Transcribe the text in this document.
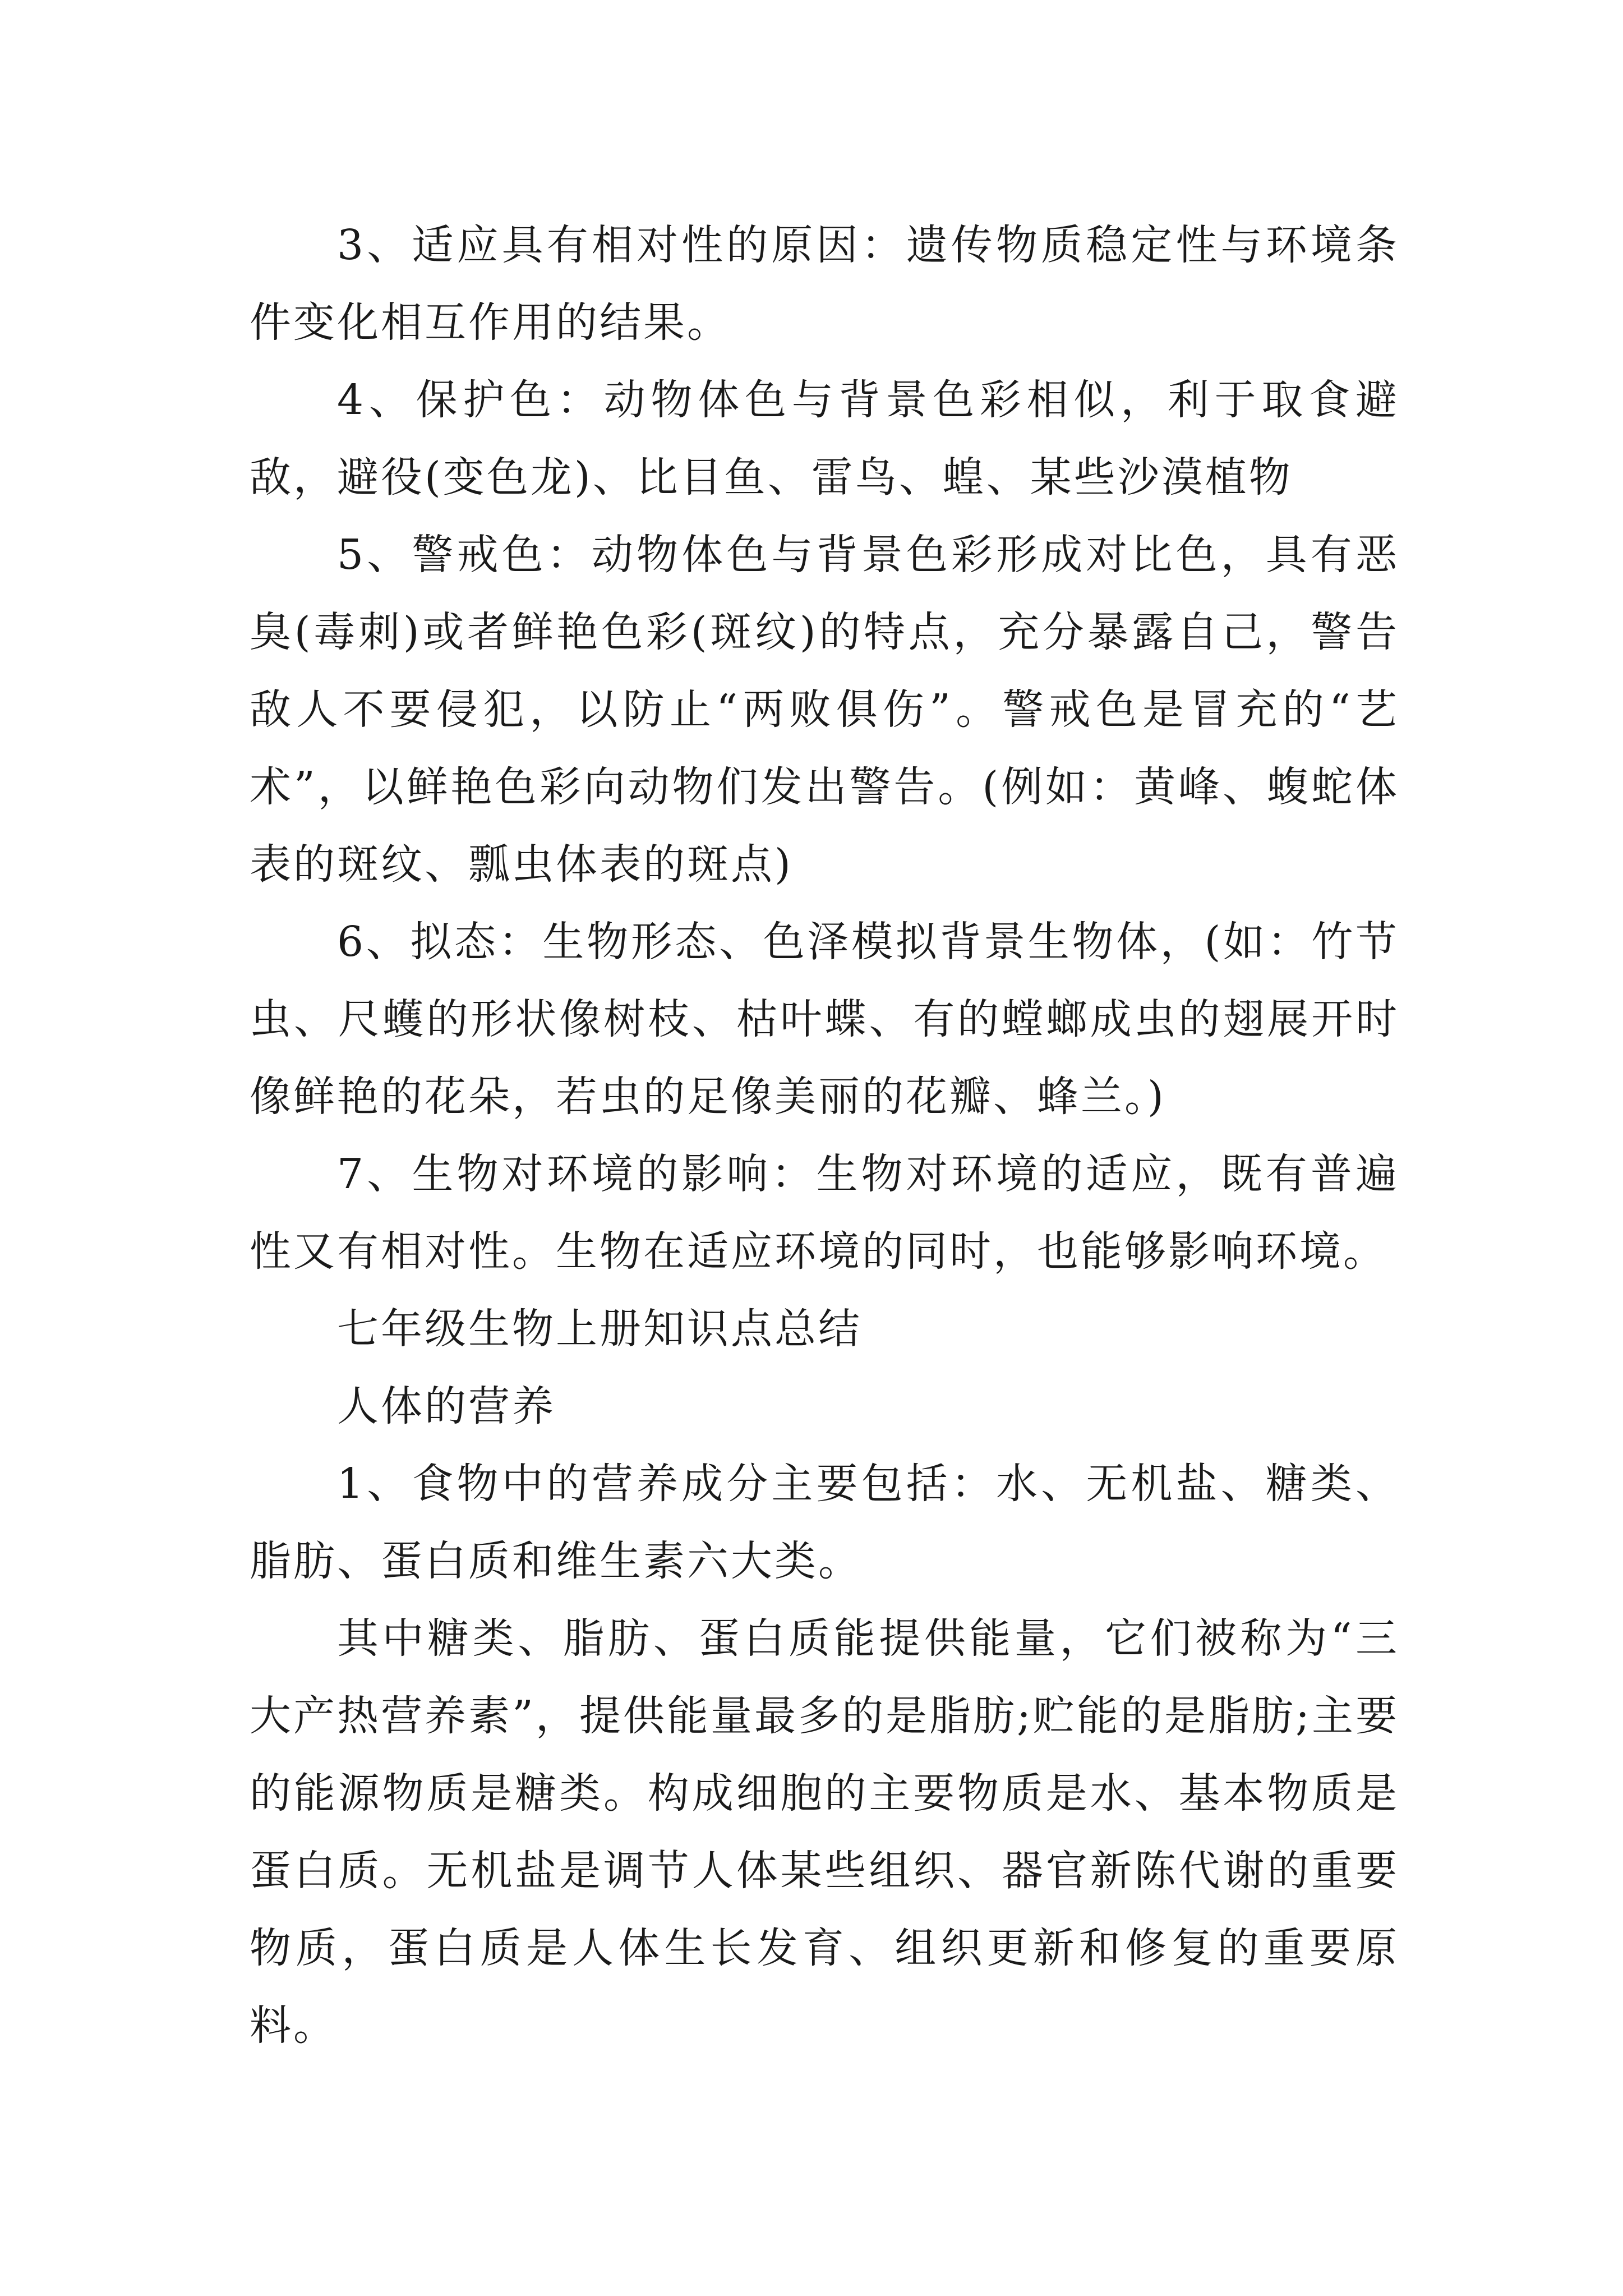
3、适应具有相对性的原因：遗传物质稳定性与环境条件变化相互作用的结果。

4、保护色：动物体色与背景色彩相似，利于取食避敌，避役(变色龙)、比目鱼、雷鸟、蝗、某些沙漠植物

5、警戒色：动物体色与背景色彩形成对比色，具有恶臭(毒刺)或者鲜艳色彩(斑纹)的特点，充分暴露自己，警告敌人不要侵犯，以防止“两败俱伤”。警戒色是冒充的“艺术”，以鲜艳色彩向动物们发出警告。(例如：黄峰、蝮蛇体表的斑纹、瓢虫体表的斑点)

6、拟态：生物形态、色泽模拟背景生物体，(如：竹节虫、尺蠖的形状像树枝、枯叶蝶、有的螳螂成虫的翅展开时像鲜艳的花朵，若虫的足像美丽的花瓣、蜂兰。)

7、生物对环境的影响：生物对环境的适应，既有普遍性又有相对性。生物在适应环境的同时，也能够影响环境。

七年级生物上册知识点总结

人体的营养

1、食物中的营养成分主要包括：水、无机盐、糖类、脂肪、蛋白质和维生素六大类。

其中糖类、脂肪、蛋白质能提供能量，它们被称为“三大产热营养素”，提供能量最多的是脂肪;贮能的是脂肪;主要的能源物质是糖类。构成细胞的主要物质是水、基本物质是蛋白质。无机盐是调节人体某些组织、器官新陈代谢的重要物质，蛋白质是人体生长发育、组织更新和修复的重要原料。
